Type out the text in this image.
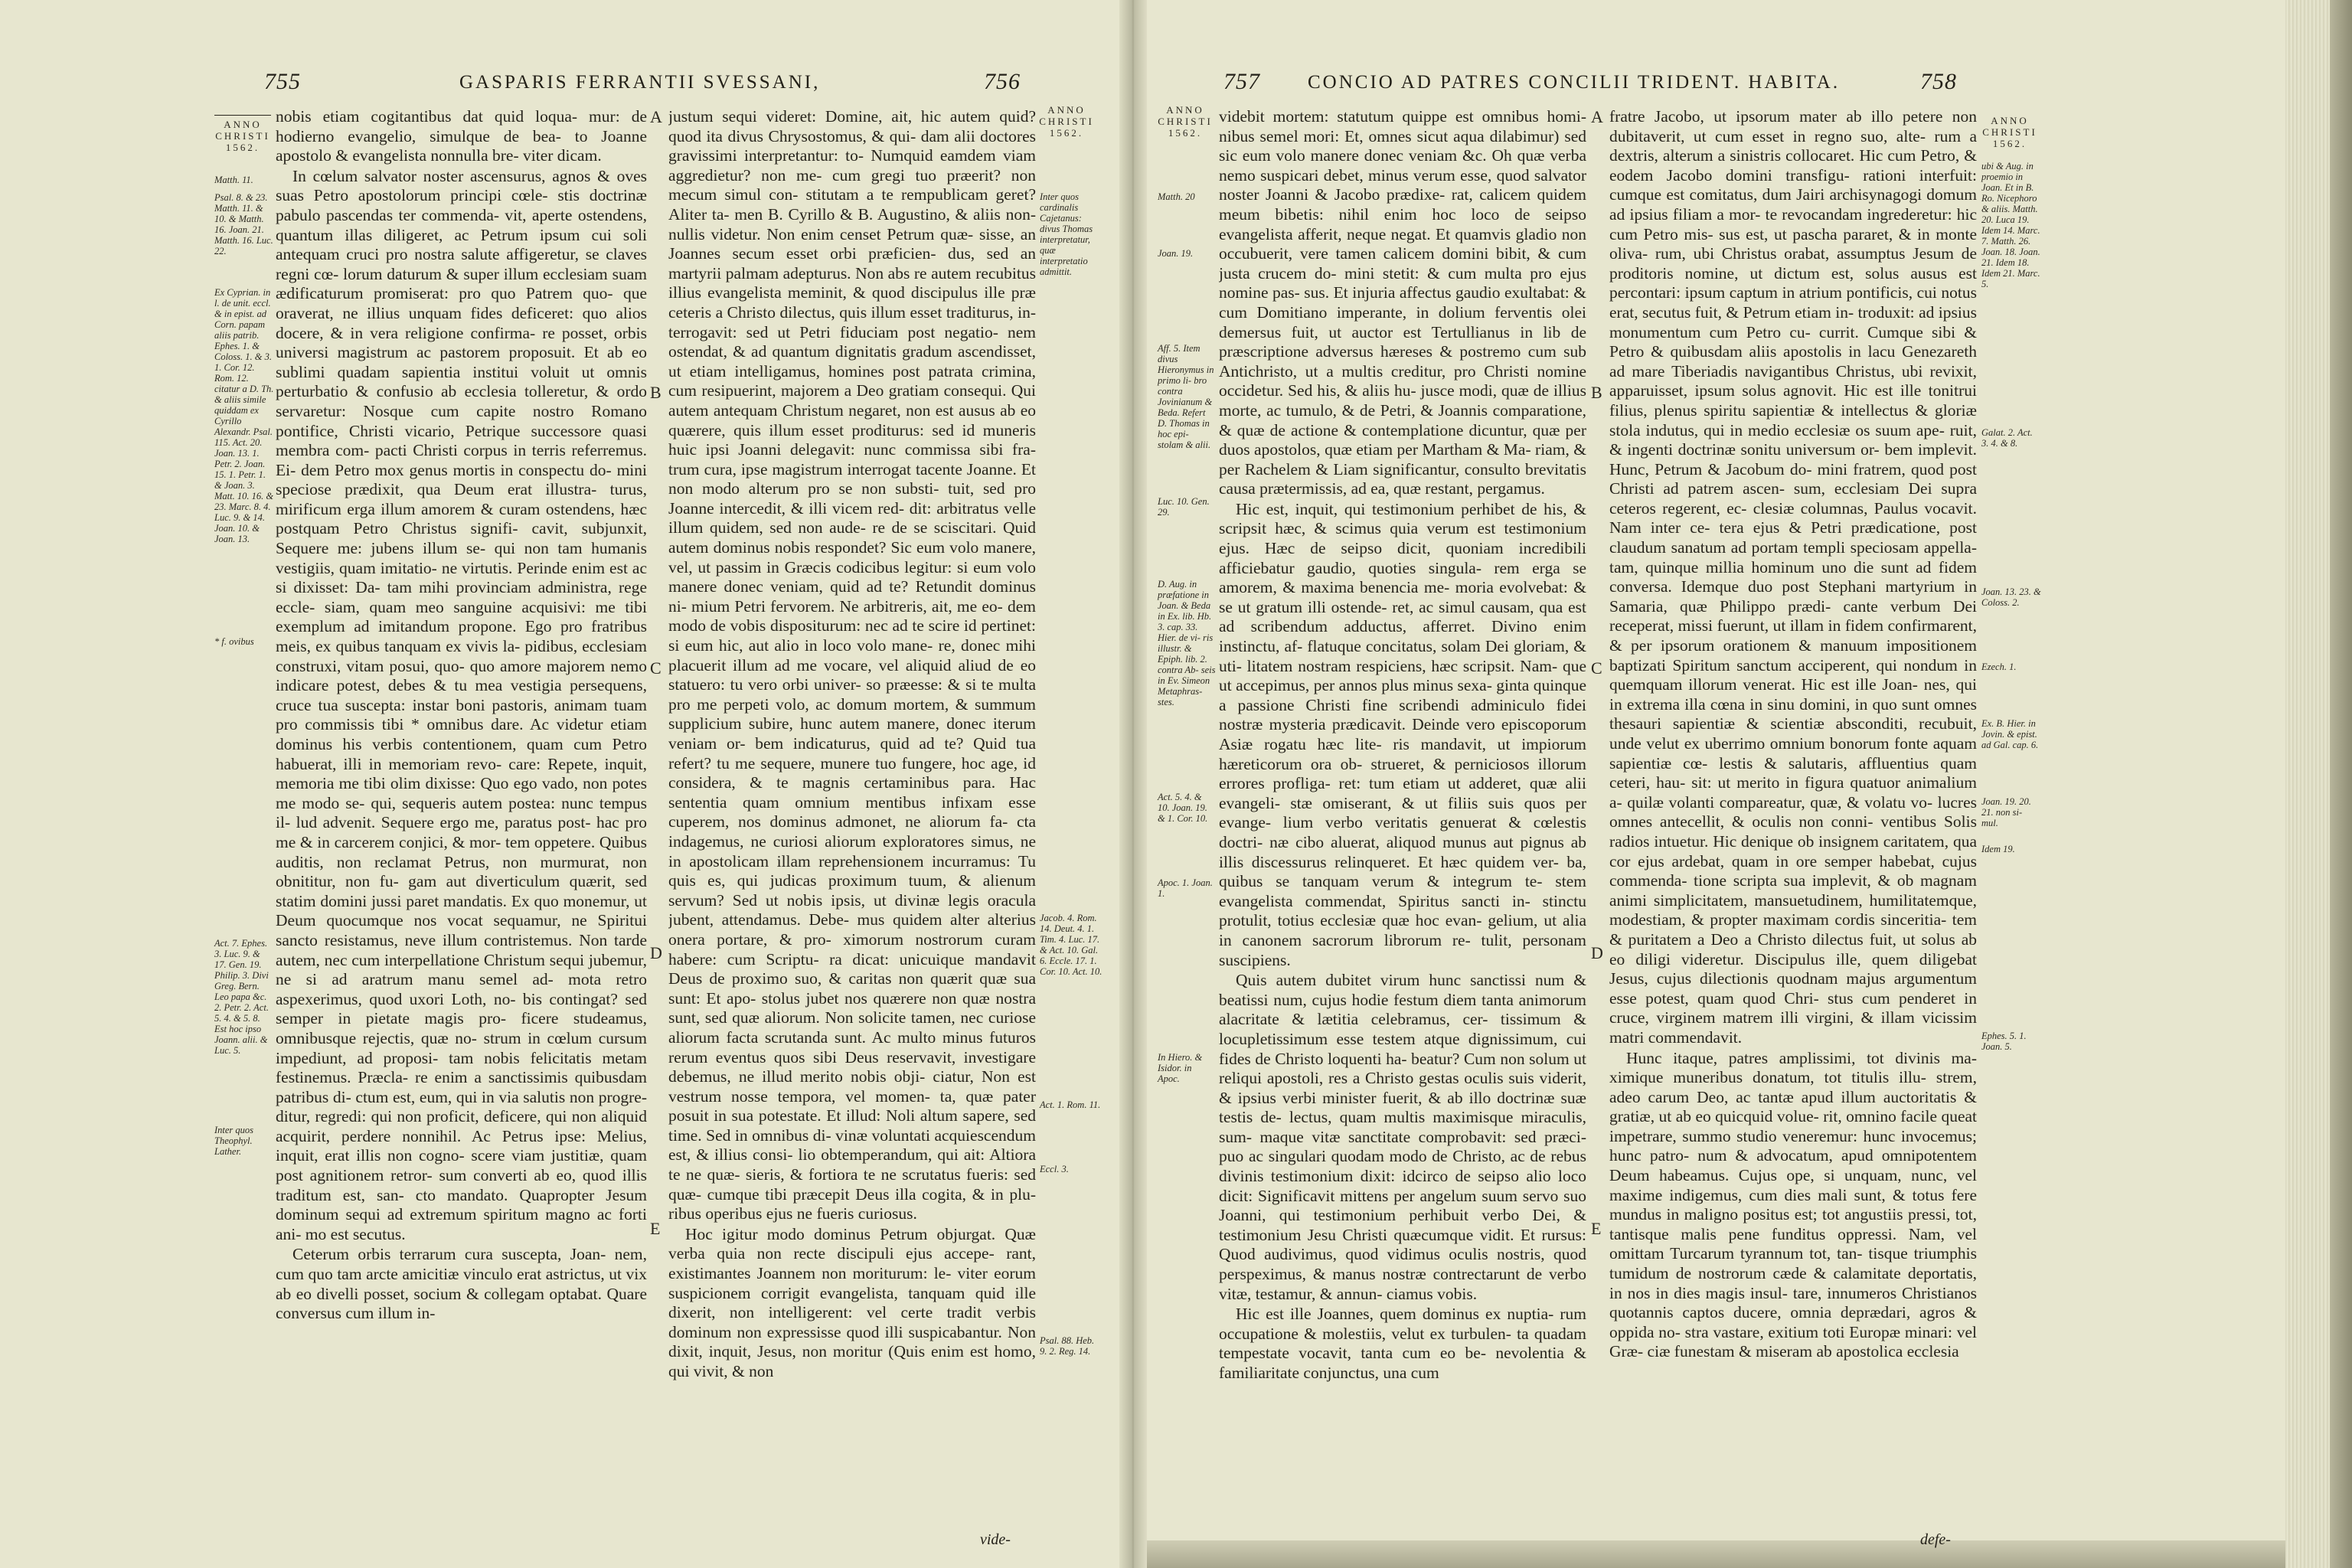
755	GASPARIS FERRANTII SVESSANI,	756
ANNO
CHRISTI
1562.
ANNO
CHRISTI
1562.
Matth. 11.
Psal. 8. & 23. Matth. 11. & 10. & Matth. 16. Joan. 21. Matth. 16. Luc. 22.
Ex Cyprian. in l. de unit. eccl. & in epist. ad Corn. papam aliis patrib. Ephes. 1. & Coloss. 1. & 3. 1. Cor. 12. Rom. 12. citatur a D. Th. & aliis simile quiddam ex Cyrillo Alexandr. Psal. 115. Act. 20. Joan. 13. 1. Petr. 2. Joan. 15. 1. Petr. 1. & Joan. 3. Matt. 10. 16. & 23. Marc. 8. 4. Luc. 9. & 14. Joan. 10. & Joan. 13.
* f. ovibus
Act. 7. Ephes. 3. Luc. 9. & 17. Gen. 19. Philip. 3. Divi Greg. Bern. Leo papa &c. 2. Petr. 2. Act. 5. 4. & 5. 8. Est hoc ipso Joann. alii. & Luc. 5.
Inter quos Theophyl. Lather.

nobis etiam cogitantibus dat quid loqua- mur: de hodierno evangelio, simulque de bea- to Joanne apostolo & evangelista nonnulla bre- viter dicam.

In cœlum salvator noster ascensurus, agnos & oves suas Petro apostolorum principi cœle- stis doctrinæ pabulo pascendas ter commenda- vit, aperte ostendens, quantum illas diligeret, ac Petrum ipsum cui soli antequam cruci pro nostra salute affigeretur, se claves regni cœ- lorum daturum & super illum ecclesiam suam ædificaturum promiserat: pro quo Patrem quo- que oraverat, ne illius unquam fides deficeret: quo alios docere, & in vera religione confirma- re posset, orbis universi magistrum ac pastorem proposuit. Et ab eo sublimi quadam sapientia institui voluit ut omnis perturbatio & confusio ab ecclesia tolleretur, & ordo servaretur: Nosque cum capite nostro Romano pontifice, Christi vicario, Petrique successore quasi membra com- pacti Christi corpus in terris referremus. Ei- dem Petro mox genus mortis in conspectu do- mini speciose prædixit, qua Deum erat illustra- turus, mirificum erga illum amorem & curam ostendens, hæc postquam Petro Christus signifi- cavit, subjunxit, Sequere me: jubens illum se- qui non tam humanis vestigiis, quam imitatio- ne virtutis. Perinde enim est ac si dixisset: Da- tam mihi provinciam administra, rege eccle- siam, quam meo sanguine acquisivi: me tibi exemplum ad imitandum propone. Ego pro fratribus meis, ex quibus tanquam ex vivis la- pidibus, ecclesiam construxi, vitam posui, quo- quo amore majorem nemo indicare potest, debes & tu mea vestigia persequens, cruce tua suscepta: instar boni pastoris, animam tuam pro commissis tibi * omnibus dare. Ac videtur etiam dominus his verbis contentionem, quam cum Petro habuerat, illi in memoriam revo- care: Repete, inquit, memoria me tibi olim dixisse: Quo ego vado, non potes me modo se- qui, sequeris autem postea: nunc tempus il- lud advenit. Sequere ergo me, paratus post- hac pro me & in carcerem conjici, & mor- tem oppetere. Quibus auditis, non reclamat Petrus, non murmurat, non obnititur, non fu- gam aut diverticulum quærit, sed statim domini jussi paret mandatis. Ex quo monemur, ut Deum quocumque nos vocat sequamur, ne Spiritui sancto resistamus, neve illum contristemus. Non tarde autem, nec cum interpellatione Christum sequi jubemur, ne si ad aratrum manu semel ad- mota retro aspexerimus, quod uxori Loth, no- bis contingat? sed semper in pietate magis pro- ficere studeamus, omnibusque rejectis, quæ no- strum in cœlum cursum impediunt, ad proposi- tam nobis felicitatis metam festinemus. Præcla- re enim a sanctissimis quibusdam patribus di- ctum est, eum, qui in via salutis non progre- ditur, regredi: qui non proficit, deficere, qui non aliquid acquirit, perdere nonnihil. Ac Petrus ipse: Melius, inquit, erat illis non cogno- scere viam justitiæ, quam post agnitionem retror- sum converti ab eo, quod illis traditum est, san- cto mandato. Quapropter Jesum dominum sequi ad extremum spiritum magno ac forti ani- mo est secutus.

Ceterum orbis terrarum cura suscepta, Joan- nem, cum quo tam arcte amicitiæ vinculo erat astrictus, ut vix ab eo divelli posset, socium & collegam optabat. Quare conversus cum illum in-

A
B
C
D
E

justum sequi videret: Domine, ait, hic autem quid? quod ita divus Chrysostomus, & qui- dam alii doctores gravissimi interpretantur: to- Numquid eamdem viam aggredietur? non me- cum gregi tuo præerit? non mecum simul con- stitutam a te rempublicam geret? Aliter ta- men B. Cyrillo & B. Augustino, & aliis non- nullis videtur. Non enim censet Petrum quæ- sisse, an Joannes secum esset orbi præficien- dus, sed an martyrii palmam adepturus. Non abs re autem recubitus illius evangelista meminit, & quod discipulus ille præ ceteris a Christo dilectus, quis illum esset traditurus, in- terrogavit: sed ut Petri fiduciam post negatio- nem ostendat, & ad quantum dignitatis gradum ascendisset, ut etiam intelligamus, homines post patrata crimina, cum resipuerint, majorem a Deo gratiam consequi. Qui autem antequam Christum negaret, non est ausus ab eo quærere, quis illum esset proditurus: sed id muneris huic ipsi Joanni delegavit: nunc commissa sibi fra- trum cura, ipse magistrum interrogat tacente Joanne. Et non modo alterum pro se non substi- tuit, sed pro Joanne intercedit, & illi vicem red- dit: arbitratus velle illum quidem, sed non aude- re de se sciscitari. Quid autem dominus nobis respondet? Sic eum volo manere, vel, ut passim in Græcis codicibus legitur: si eum volo manere donec veniam, quid ad te? Retundit dominus ni- mium Petri fervorem. Ne arbitreris, ait, me eo- dem modo de vobis dispositurum: nec ad te scire id pertinet: si eum hic, aut alio in loco volo mane- re, donec mihi placuerit illum ad me vocare, vel aliquid aliud de eo statuero: tu vero orbi univer- so præesse: & si te multa pro me perpeti volo, ac domum mortem, & summum supplicium subire, hunc autem manere, donec iterum veniam or- bem indicaturus, quid ad te? Quid tua refert? tu me sequere, munere tuo fungere, hoc age, id considera, & te magnis certaminibus para. Hac sententia quam omnium mentibus infixam esse cuperem, nos dominus admonet, ne aliorum fa- cta indagemus, ne curiosi aliorum exploratores simus, ne in apostolicam illam reprehensionem incurramus: Tu quis es, qui judicas proximum tuum, & alienum servum? Sed ut nobis ipsis, ut divinæ legis oracula jubent, attendamus. Debe- mus quidem alter alterius onera portare, & pro- ximorum nostrorum curam habere: cum Scriptu- ra dicat: unicuique mandavit Deus de proximo suo, & caritas non quærit quæ sua sunt: Et apo- stolus jubet nos quærere non quæ nostra sunt, sed quæ aliorum. Non solicite tamen, nec curiose aliorum facta scrutanda sunt. Ac multo minus futuros rerum eventus quos sibi Deus reservavit, investigare debemus, ne illud merito nobis obji- ciatur, Non est vestrum nosse tempora, vel momen- ta, quæ pater posuit in sua potestate. Et illud: Noli altum sapere, sed time. Sed in omnibus di- vinæ voluntati acquiescendum est, & illius consi- lio obtemperandum, qui ait: Altiora te ne quæ- sieris, & fortiora te ne scrutatus fueris: sed quæ- cumque tibi præcepit Deus illa cogita, & in plu- ribus operibus ejus ne fueris curiosus.

Hoc igitur modo dominus Petrum objurgat. Quæ verba quia non recte discipuli ejus accepe- rant, existimantes Joannem non moriturum: le- viter eorum suspicionem corrigit evangelista, tanquam quid ille dixerit, non intelligerent: vel certe tradit verbis dominum non expressisse quod illi suspicabantur. Non dixit, inquit, Jesus, non moritur (Quis enim est homo, qui vivit, & non

vide-
Inter quos cardinalis Cajetanus: divus Thomas interpretatur, quæ interpretatio admittit.
Jacob. 4. Rom. 14. Deut. 4. 1. Tim. 4. Luc. 17. & Act. 10. Gal. 6. Eccle. 17. 1. Cor. 10. Act. 10.
Act. 1. Rom. 11.
Eccl. 3.
Psal. 88. Heb. 9. 2. Reg. 14.
757 CONCIO AD PATRES CONCILII TRIDENT. HABITA.	758
ANNO
CHRISTI
1562.
ANNO
CHRISTI
1562.
Matth. 20
Joan. 19.
Aff. 5. Item divus Hieronymus in primo li- bro contra Jovinianum & Beda. Refert D. Thomas in hoc epi- stolam & alii.
Luc. 10. Gen. 29.
D. Aug. in præfatione in Joan. & Beda in Ex. lib. Hb. 3. cap. 33. Hier. de vi- ris illustr. & Epiph. lib. 2. contra Ab- seis in Ev. Simeon Metaphras- stes.
Act. 5. 4. & 10. Joan. 19. & 1. Cor. 10.
Apoc. 1. Joan. 1.
In Hiero. & Isidor. in Apoc.

videbit mortem: statutum quippe est omnibus homi- nibus semel mori: Et, omnes sicut aqua dilabimur) sed sic eum volo manere donec veniam &c. Oh quæ verba nemo suspicari debet, minus verum esse, quod salvator noster Joanni & Jacobo prædixe- rat, calicem quidem meum bibetis: nihil enim hoc loco de seipso evangelista afferit, neque negat. Et quamvis gladio non occubuerit, vere tamen calicem domini bibit, & cum justa crucem do- mini stetit: & cum multa pro ejus nomine pas- sus. Et injuria affectus gaudio exultabat: & cum Domitiano imperante, in dolium ferventis olei demersus fuit, ut auctor est Tertullianus in lib de præscriptione adversus hæreses & postremo cum sub Antichristo, ut a multis creditur, pro Christi nomine occidetur. Sed his, & aliis hu- jusce modi, quæ de illius morte, ac tumulo, & de Petri, & Joannis comparatione, & quæ de actione & contemplatione dicuntur, quæ per duos apostolos, quæ etiam per Martham & Ma- riam, & per Rachelem & Liam significantur, consulto brevitatis causa prætermissis, ad ea, quæ restant, pergamus.

Hic est, inquit, qui testimonium perhibet de his, & scripsit hæc, & scimus quia verum est testimonium ejus. Hæc de seipso dicit, quoniam incredibili afficiebatur gaudio, quoties singula- rem erga se amorem, & maxima benencia me- moria evolvebat: & se ut gratum illi ostende- ret, ac simul causam, qua est ad scribendum adductus, afferret. Divino enim instinctu, af- flatuque concitatus, solam Dei gloriam, & uti- litatem nostram respiciens, hæc scripsit. Nam- que ut accepimus, per annos plus minus sexa- ginta quinque a passione Christi fine scribendi adminiculo fidei nostræ mysteria prædicavit. Deinde vero episcoporum Asiæ rogatu hæc lite- ris mandavit, ut impiorum hæreticorum ora ob- strueret, & perniciosos illorum errores profliga- ret: tum etiam ut adderet, quæ alii evangeli- stæ omiserant, & ut filiis suis quos per evange- lium verbo veritatis genuerat & cœlestis doctri- næ cibo aluerat, aliquod munus aut pignus ab illis discessurus relinqueret. Et hæc quidem ver- ba, quibus se tanquam verum & integrum te- stem evangelista commendat, Spiritus sancti in- stinctu protulit, totius ecclesiæ quæ hoc evan- gelium, ut alia in canonem sacrorum librorum re- tulit, personam suscipiens.

Quis autem dubitet virum hunc sanctissi num & beatissi num, cujus hodie festum diem tanta animorum alacritate & lætitia celebramus, cer- tissimum & locupletissimum esse testem atque dignissimum, cui fides de Christo loquenti ha- beatur? Cum non solum ut reliqui apostoli, res a Christo gestas oculis suis viderit, & ipsius verbi minister fuerit, & ab illo doctrinæ suæ testis de- lectus, quam multis maximisque miraculis, sum- maque vitæ sanctitate comprobavit: sed præci- puo ac singulari quodam modo de Christo, ac de rebus divinis testimonium dixit: idcirco de seipso alio loco dicit: Significavit mittens per angelum suum servo suo Joanni, qui testimonium perhibuit verbo Dei, & testimonium Jesu Christi quæcumque vidit. Et rursus: Quod audivimus, quod vidimus oculis nostris, quod perspeximus, & manus nostræ contrectarunt de verbo vitæ, testamur, & annun- ciamus vobis.

Hic est ille Joannes, quem dominus ex nuptia- rum occupatione & molestiis, velut ex turbulen- ta quadam tempestate vocavit, tanta cum eo be- nevolentia & familiaritate conjunctus, una cum

A
B
C
D
E

fratre Jacobo, ut ipsorum mater ab illo petere non dubitaverit, ut cum esset in regno suo, alte- rum a dextris, alterum a sinistris collocaret. Hic cum Petro, & eodem Jacobo domini transfigu- rationi interfuit: cumque est comitatus, dum Jairi archisynagogi domum ad ipsius filiam a mor- te revocandam ingrederetur: hic cum Petro mis- sus est, ut pascha pararet, & in monte oliva- rum, ubi Christus orabat, assumptus Jesum de proditoris nomine, ut dictum est, solus ausus est percontari: ipsum captum in atrium pontificis, cui notus erat, secutus fuit, & Petrum etiam in- troduxit: ad ipsius monumentum cum Petro cu- currit. Cumque sibi & Petro & quibusdam aliis apostolis in lacu Genezareth ad mare Tiberiadis navigantibus Christus, ubi revixit, apparuisset, ipsum solus agnovit. Hic est ille tonitrui filius, plenus spiritu sapientiæ & intellectus & gloriæ stola indutus, qui in medio ecclesiæ os suum ape- ruit, & ingenti doctrinæ sonitu universum or- bem implevit. Hunc, Petrum & Jacobum do- mini fratrem, quod post Christi ad patrem ascen- sum, ecclesiam Dei supra ceteros regerent, ec- clesiæ columnas, Paulus vocavit. Nam inter ce- tera ejus & Petri prædicatione, post claudum sanatum ad portam templi speciosam appella- tam, quinque millia hominum uno die sunt ad fidem conversa. Idemque duo post Stephani martyrium in Samaria, quæ Philippo prædi- cante verbum Dei receperat, missi fuerunt, ut illam in fidem confirmarent, & per ipsorum orationem & manuum impositionem baptizati Spiritum sanctum acciperent, qui nondum in quemquam illorum venerat. Hic est ille Joan- nes, qui in extrema illa cœna in sinu domini, in quo sunt omnes thesauri sapientiæ & scientiæ absconditi, recubuit, unde velut ex uberrimo omnium bonorum fonte aquam sapientiæ cœ- lestis & salutaris, affluentius quam ceteri, hau- sit: ut merito in figura quatuor animalium a- quilæ volanti compareatur, quæ, & volatu vo- lucres omnes antecellit, & oculis non conni- ventibus Solis radios intuetur. Hic denique ob insignem caritatem, qua cor ejus ardebat, quam in ore semper habebat, cujus commenda- tione scripta sua implevit, & ob magnam animi simplicitatem, mansuetudinem, humilitatemque, modestiam, & propter maximam cordis sinceritia- tem & puritatem a Deo a Christo dilectus fuit, ut solus ab eo diligi videretur. Discipulus ille, quem diligebat Jesus, cujus dilectionis quodnam majus argumentum esse potest, quam quod Chri- stus cum penderet in cruce, virginem matrem illi virgini, & illam vicissim matri commendavit.

Hunc itaque, patres amplissimi, tot divinis ma- ximique muneribus donatum, tot titulis illu- strem, adeo carum Deo, ac tantæ apud illum auctoritatis & gratiæ, ut ab eo quicquid volue- rit, omnino facile queat impetrare, summo studio veneremur: hunc invocemus; hunc patro- num & advocatum, apud omnipotentem Deum habeamus. Cujus ope, si unquam, nunc, vel maxime indigemus, cum dies mali sunt, & totus fere mundus in maligno positus est; tot angustiis pressi, tot, tantisque malis pene funditus oppressi. Nam, vel omittam Turcarum tyrannum tot, tan- tisque triumphis tumidum de nostrorum cæde & calamitate deportatis, in nos in dies magis insul- tare, innumeros Christianos quotannis captos ducere, omnia deprædari, agros & oppida no- stra vastare, exitium toti Europæ minari: vel Græ- ciæ funestam & miseram ab apostolica ecclesia

defe-
ubi & Aug. in proemio in Joan. Et in B. Ro. Nicephoro & aliis. Matth. 20. Luca 19. Idem 14. Marc. 7. Matth. 26. Joan. 18. Joan. 21. Idem 18. Idem 21. Marc. 5.
Galat. 2. Act. 3. 4. & 8.
Joan. 13. 23. & Coloss. 2.
Ezech. 1.
Ex. B. Hier. in Jovin. & epist. ad Gal. cap. 6.
Joan. 19. 20. 21. non si- mul.
Idem 19.
Ephes. 5. 1. Joan. 5.
